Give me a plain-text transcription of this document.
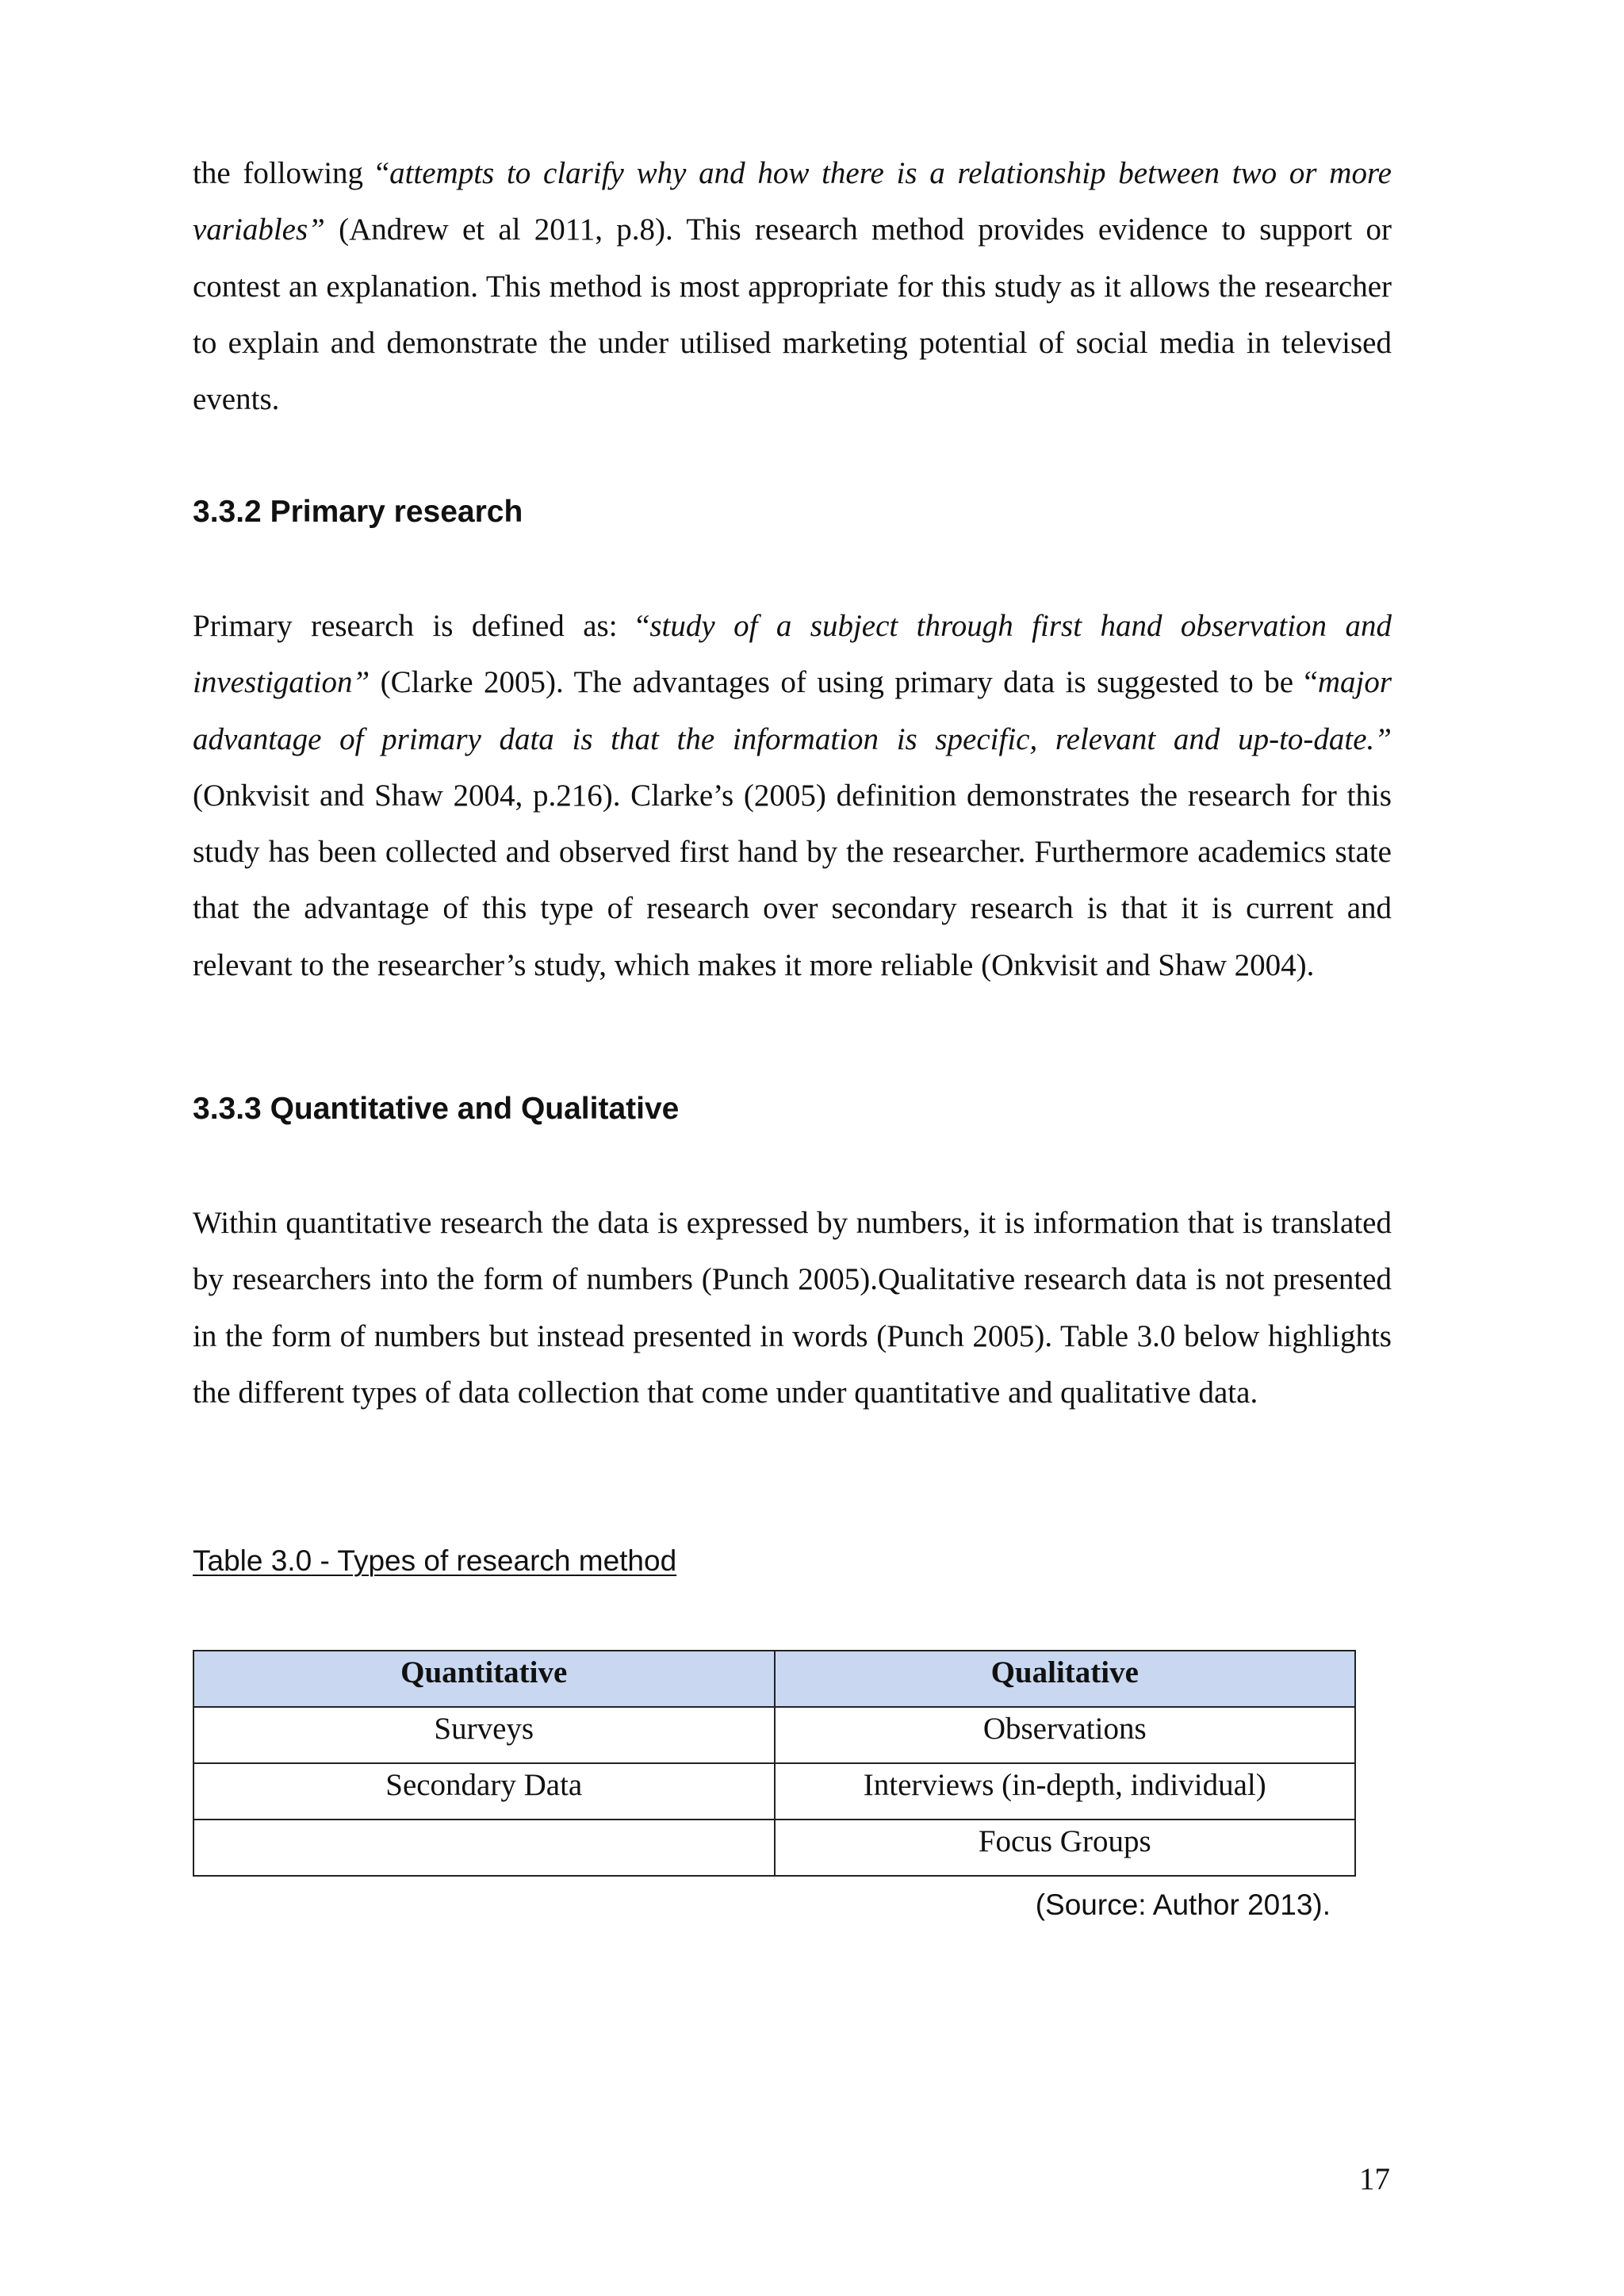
the following “attempts to clarify why and how there is a relationship between two or more variables” (Andrew et al 2011, p.8). This research method provides evidence to support or contest an explanation. This method is most appropriate for this study as it allows the researcher to explain and demonstrate the under utilised marketing potential of social media in televised events.

3.3.2 Primary research

Primary research is defined as: “study of a subject through first hand observation and investigation” (Clarke 2005). The advantages of using primary data is suggested to be “major advantage of primary data is that the information is specific, relevant and up-to-date.” (Onkvisit and Shaw 2004, p.216). Clarke’s (2005) definition demonstrates the research for this study has been collected and observed first hand by the researcher. Furthermore academics state that the advantage of this type of research over secondary research is that it is current and relevant to the researcher’s study, which makes it more reliable (Onkvisit and Shaw 2004).

3.3.3 Quantitative and Qualitative

Within quantitative research the data is expressed by numbers, it is information that is translated by researchers into the form of numbers (Punch 2005).Qualitative research data is not presented in the form of numbers but instead presented in words (Punch 2005). Table 3.0 below highlights the different types of data collection that come under quantitative and qualitative data.

Table 3.0 - Types of research method

Quantitative	Qualitative
Surveys	Observations
Secondary Data	Interviews (in-depth, individual)
	Focus Groups

(Source: Author 2013).

17
